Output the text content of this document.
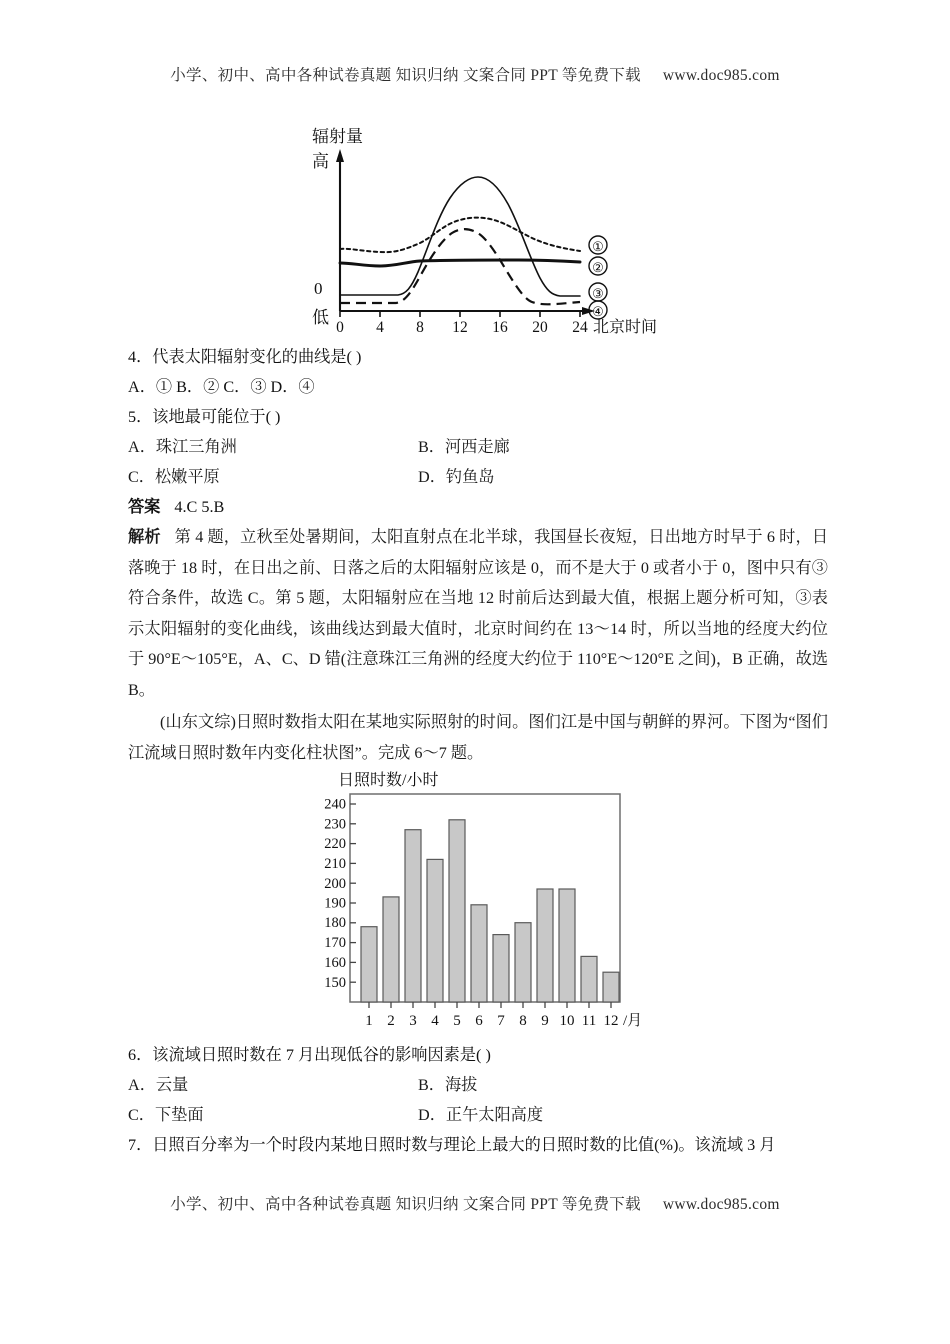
小学、初中、高中各种试卷真题 知识归纳 文案合同 PPT 等免费下载 www.doc985.com
辐射量
高
0
低
①
②
③
④
0 4 8 12 16 20 24 北京时间
4．代表太阳辐射变化的曲线是( )
A．① B．② C．③ D．④
5．该地最可能位于( )
A．珠江三角洲	B．河西走廊
C．松嫩平原	D．钓鱼岛
答案 4.C 5.B
解析 第 4 题，立秋至处暑期间，太阳直射点在北半球，我国昼长夜短，日出地方时早于 6 时，日落晚于 18 时，在日出之前、日落之后的太阳辐射应该是 0，而不是大于 0 或者小于 0，图中只有③符合条件，故选 C。第 5 题，太阳辐射应在当地 12 时前后达到最大值，根据上题分析可知，③表示太阳辐射的变化曲线，该曲线达到最大值时，北京时间约在 13～14 时，所以当地的经度大约位于 90°E～105°E，A、C、D 错(注意珠江三角洲的经度大约位于 110°E～120°E 之间)，B 正确，故选 B。
(山东文综)日照时数指太阳在某地实际照射的时间。图们江是中国与朝鲜的界河。下图为“图们江流域日照时数年内变化柱状图”。完成 6～7 题。
日照时数/小时
150
160
170
180
190
200
210
220
230
240
1 2 3 4 5 6 7 8 9 10 11 12 /月
6．该流域日照时数在 7 月出现低谷的影响因素是( )
A．云量	B．海拔
C．下垫面	D．正午太阳高度
7．日照百分率为一个时段内某地日照时数与理论上最大的日照时数的比值(%)。该流域 3 月
小学、初中、高中各种试卷真题 知识归纳 文案合同 PPT 等免费下载 www.doc985.com
